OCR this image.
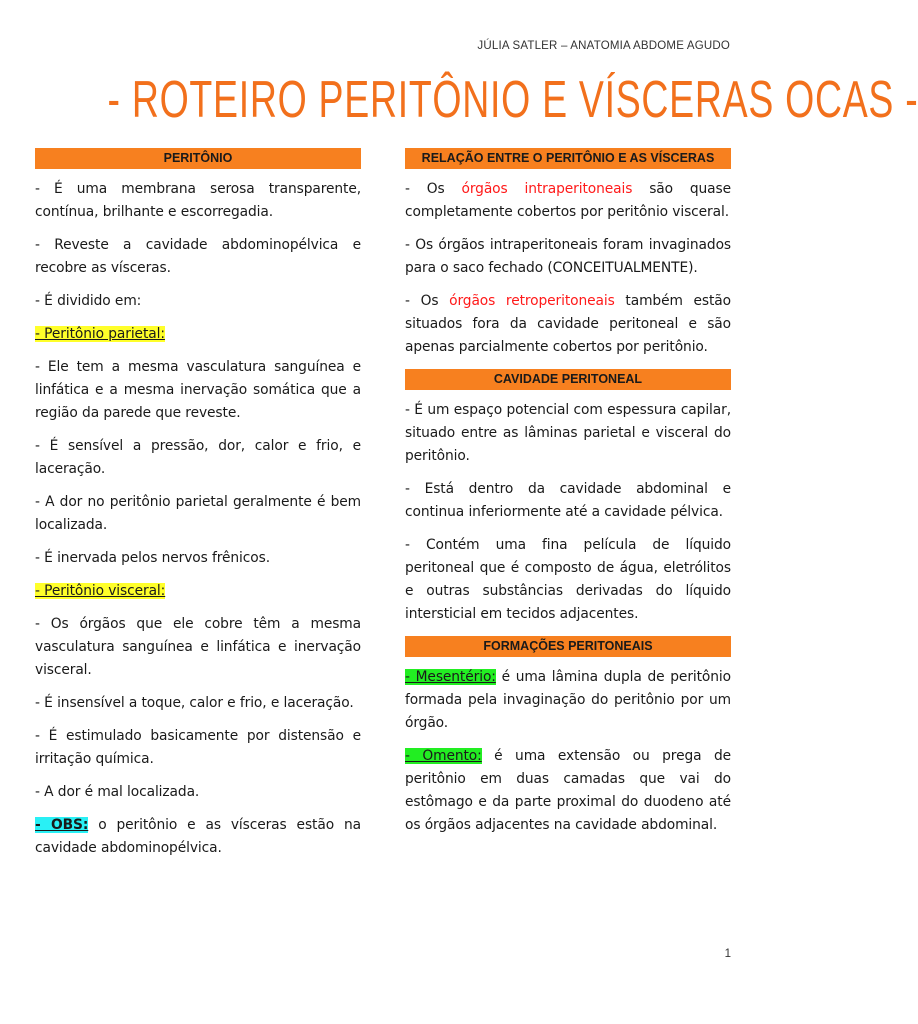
JÚLIA SATLER – ANATOMIA ABDOME AGUDO
- ROTEIRO PERITÔNIO E VÍSCERAS OCAS -
PERITÔNIO

- É uma membrana serosa transparente, contínua, brilhante e escorregadia.

- Reveste a cavidade abdominopélvica e recobre as vísceras.

- É dividido em:

- Peritônio parietal:

- Ele tem a mesma vasculatura sanguínea e linfática e a mesma inervação somática que a região da parede que reveste.

- É sensível a pressão, dor, calor e frio, e laceração.

- A dor no peritônio parietal geralmente é bem localizada.

- É inervada pelos nervos frênicos.

- Peritônio visceral:

- Os órgãos que ele cobre têm a mesma vasculatura sanguínea e linfática e inervação visceral.

- É insensível a toque, calor e frio, e laceração.

- É estimulado basicamente por distensão e irritação química.

- A dor é mal localizada.

- OBS: o peritônio e as vísceras estão na cavidade abdominopélvica.

RELAÇÃO ENTRE O PERITÔNIO E AS VÍSCERAS

- Os órgãos intraperitoneais são quase completamente cobertos por peritônio visceral.

- Os órgãos intraperitoneais foram invaginados para o saco fechado (CONCEITUALMENTE).

- Os órgãos retroperitoneais também estão situados fora da cavidade peritoneal e são apenas parcialmente cobertos por peritônio.

CAVIDADE PERITONEAL

- É um espaço potencial com espessura capilar, situado entre as lâminas parietal e visceral do peritônio.

- Está dentro da cavidade abdominal e continua inferiormente até a cavidade pélvica.

- Contém uma fina película de líquido peritoneal que é composto de água, eletrólitos e outras substâncias derivadas do líquido intersticial em tecidos adjacentes.

FORMAÇÕES PERITONEAIS

- Mesentério: é uma lâmina dupla de peritônio formada pela invaginação do peritônio por um órgão.

- Omento: é uma extensão ou prega de peritônio em duas camadas que vai do estômago e da parte proximal do duodeno até os órgãos adjacentes na cavidade abdominal.

1
